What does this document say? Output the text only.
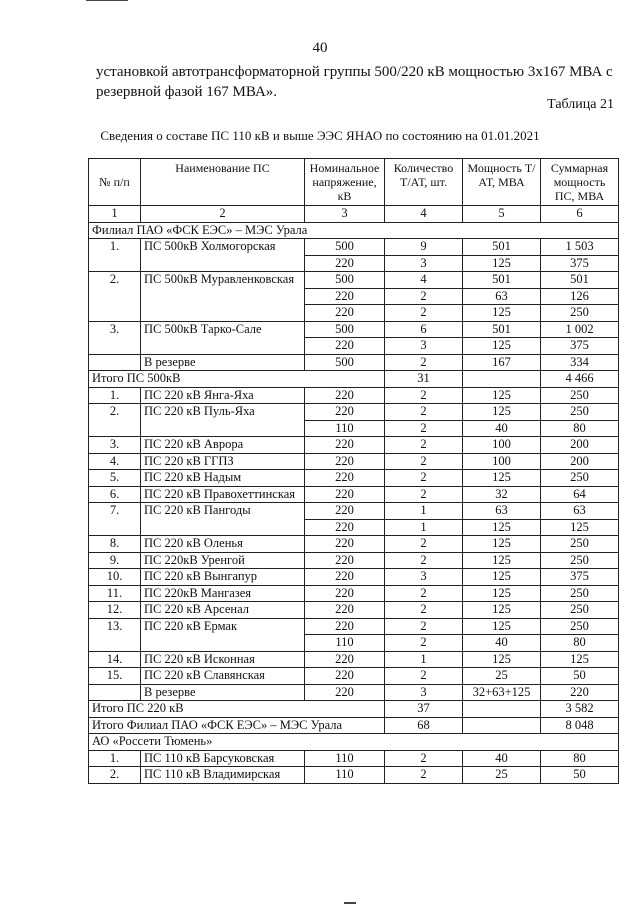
40
установкой автотрансформаторной группы 500/220 кВ мощностью 3х167 МВА с резервной фазой 167 МВА».
Таблица 21
Сведения о составе ПС 110 кВ и выше ЭЭС ЯНАО по состоянию на 01.01.2021
№ п/п	Наименование ПС	Номинальное напряжение, кВ	Количество Т/АТ, шт.	Мощность Т/АТ, МВА	Суммарная мощность ПС, МВА
1	2	3	4	5	6
Филиал ПАО «ФСК ЕЭС» – МЭС Урала					
1.	ПС 500кВ Холмогорская	500	9	501	1 503
		220	3	125	375
2.	ПС 500кВ Муравленковская	500	4	501	501
		220	2	63	126
		220	2	125	250
3.	ПС 500кВ Тарко-Сале	500	6	501	1 002
		220	3	125	375
	В резерве	500	2	167	334
Итого ПС 500кВ			31		4 466
1.	ПС 220 кВ Янга-Яха	220	2	125	250
2.	ПС 220 кВ Пуль-Яха	220	2	125	250
		110	2	40	80
3.	ПС 220 кВ Аврора	220	2	100	200
4.	ПС 220 кВ ГГПЗ	220	2	100	200
5.	ПС 220 кВ Надым	220	2	125	250
6.	ПС 220 кВ Правохеттинская	220	2	32	64
7.	ПС 220 кВ Пангоды	220	1	63	63
		220	1	125	125
8.	ПС 220 кВ Оленья	220	2	125	250
9.	ПС 220кВ Уренгой	220	2	125	250
10.	ПС 220 кВ Вынгапур	220	3	125	375
11.	ПС 220кВ Мангазея	220	2	125	250
12.	ПС 220 кВ Арсенал	220	2	125	250
13.	ПС 220 кВ Ермак	220	2	125	250
		110	2	40	80
14.	ПС 220 кВ Исконная	220	1	125	125
15.	ПС 220 кВ Славянская	220	2	25	50
	В резерве	220	3	32+63+125	220
Итого ПС 220 кВ			37		3 582
Итого Филиал ПАО «ФСК ЕЭС» – МЭС Урала			68		8 048
АО «Россети Тюмень»					
1.	ПС 110 кВ Барсуковская	110	2	40	80
2.	ПС 110 кВ Владимирская	110	2	25	50
